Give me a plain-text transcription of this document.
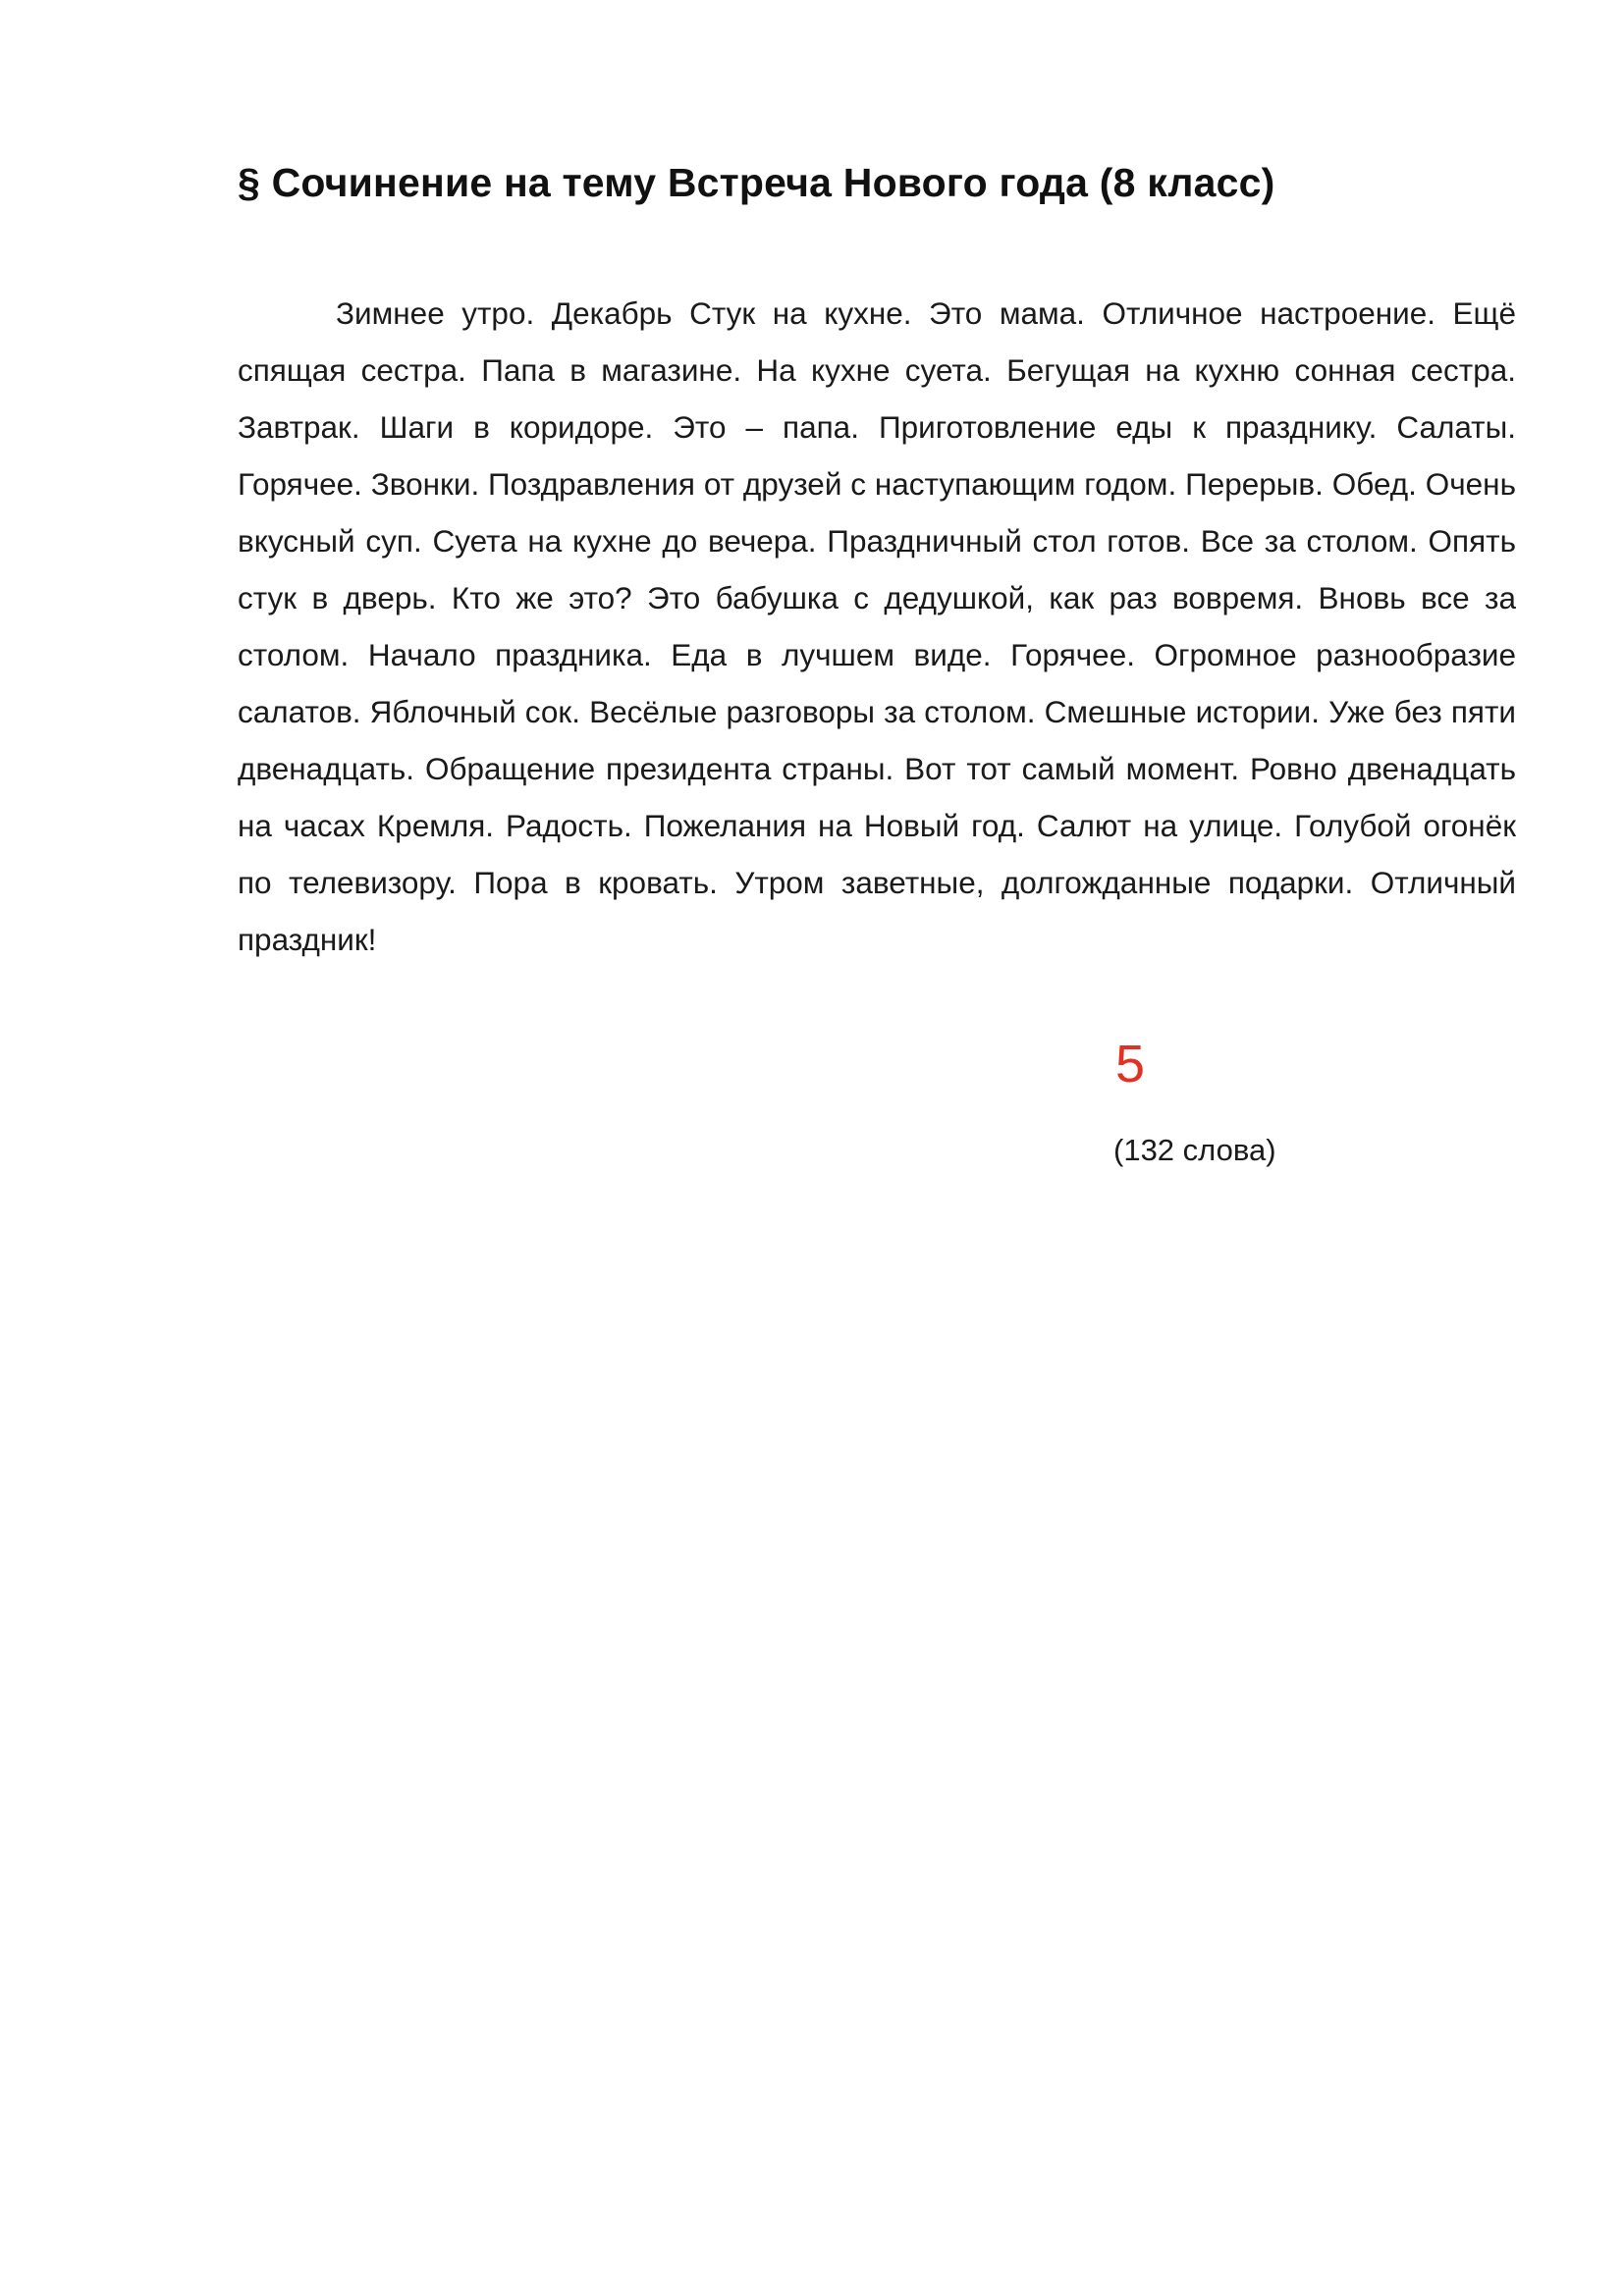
§ Сочинение на тему Встреча Нового года (8 класс)

Зимнее утро. Декабрь Стук на кухне. Это мама. Отличное настроение. Ещё спящая сестра. Папа в магазине. На кухне суета. Бегущая на кухню сонная сестра. Завтрак. Шаги в коридоре. Это – папа. Приготовление еды к празднику. Салаты. Горячее. Звонки. Поздравления от друзей с наступающим годом. Перерыв. Обед. Очень вкусный суп. Суета на кухне до вечера. Праздничный стол готов. Все за столом. Опять стук в дверь. Кто же это? Это бабушка с дедушкой, как раз вовремя. Вновь все за столом. Начало праздника. Еда в лучшем виде. Горячее. Огромное разнообразие салатов. Яблочный сок. Весёлые разговоры за столом. Смешные истории. Уже без пяти двенадцать. Обращение президента страны. Вот тот самый момент. Ровно двенадцать на часах Кремля. Радость. Пожелания на Новый год. Салют на улице. Голубой огонёк по телевизору. Пора в кровать. Утром заветные, долгожданные подарки. Отличный праздник!

5
(132 слова)
